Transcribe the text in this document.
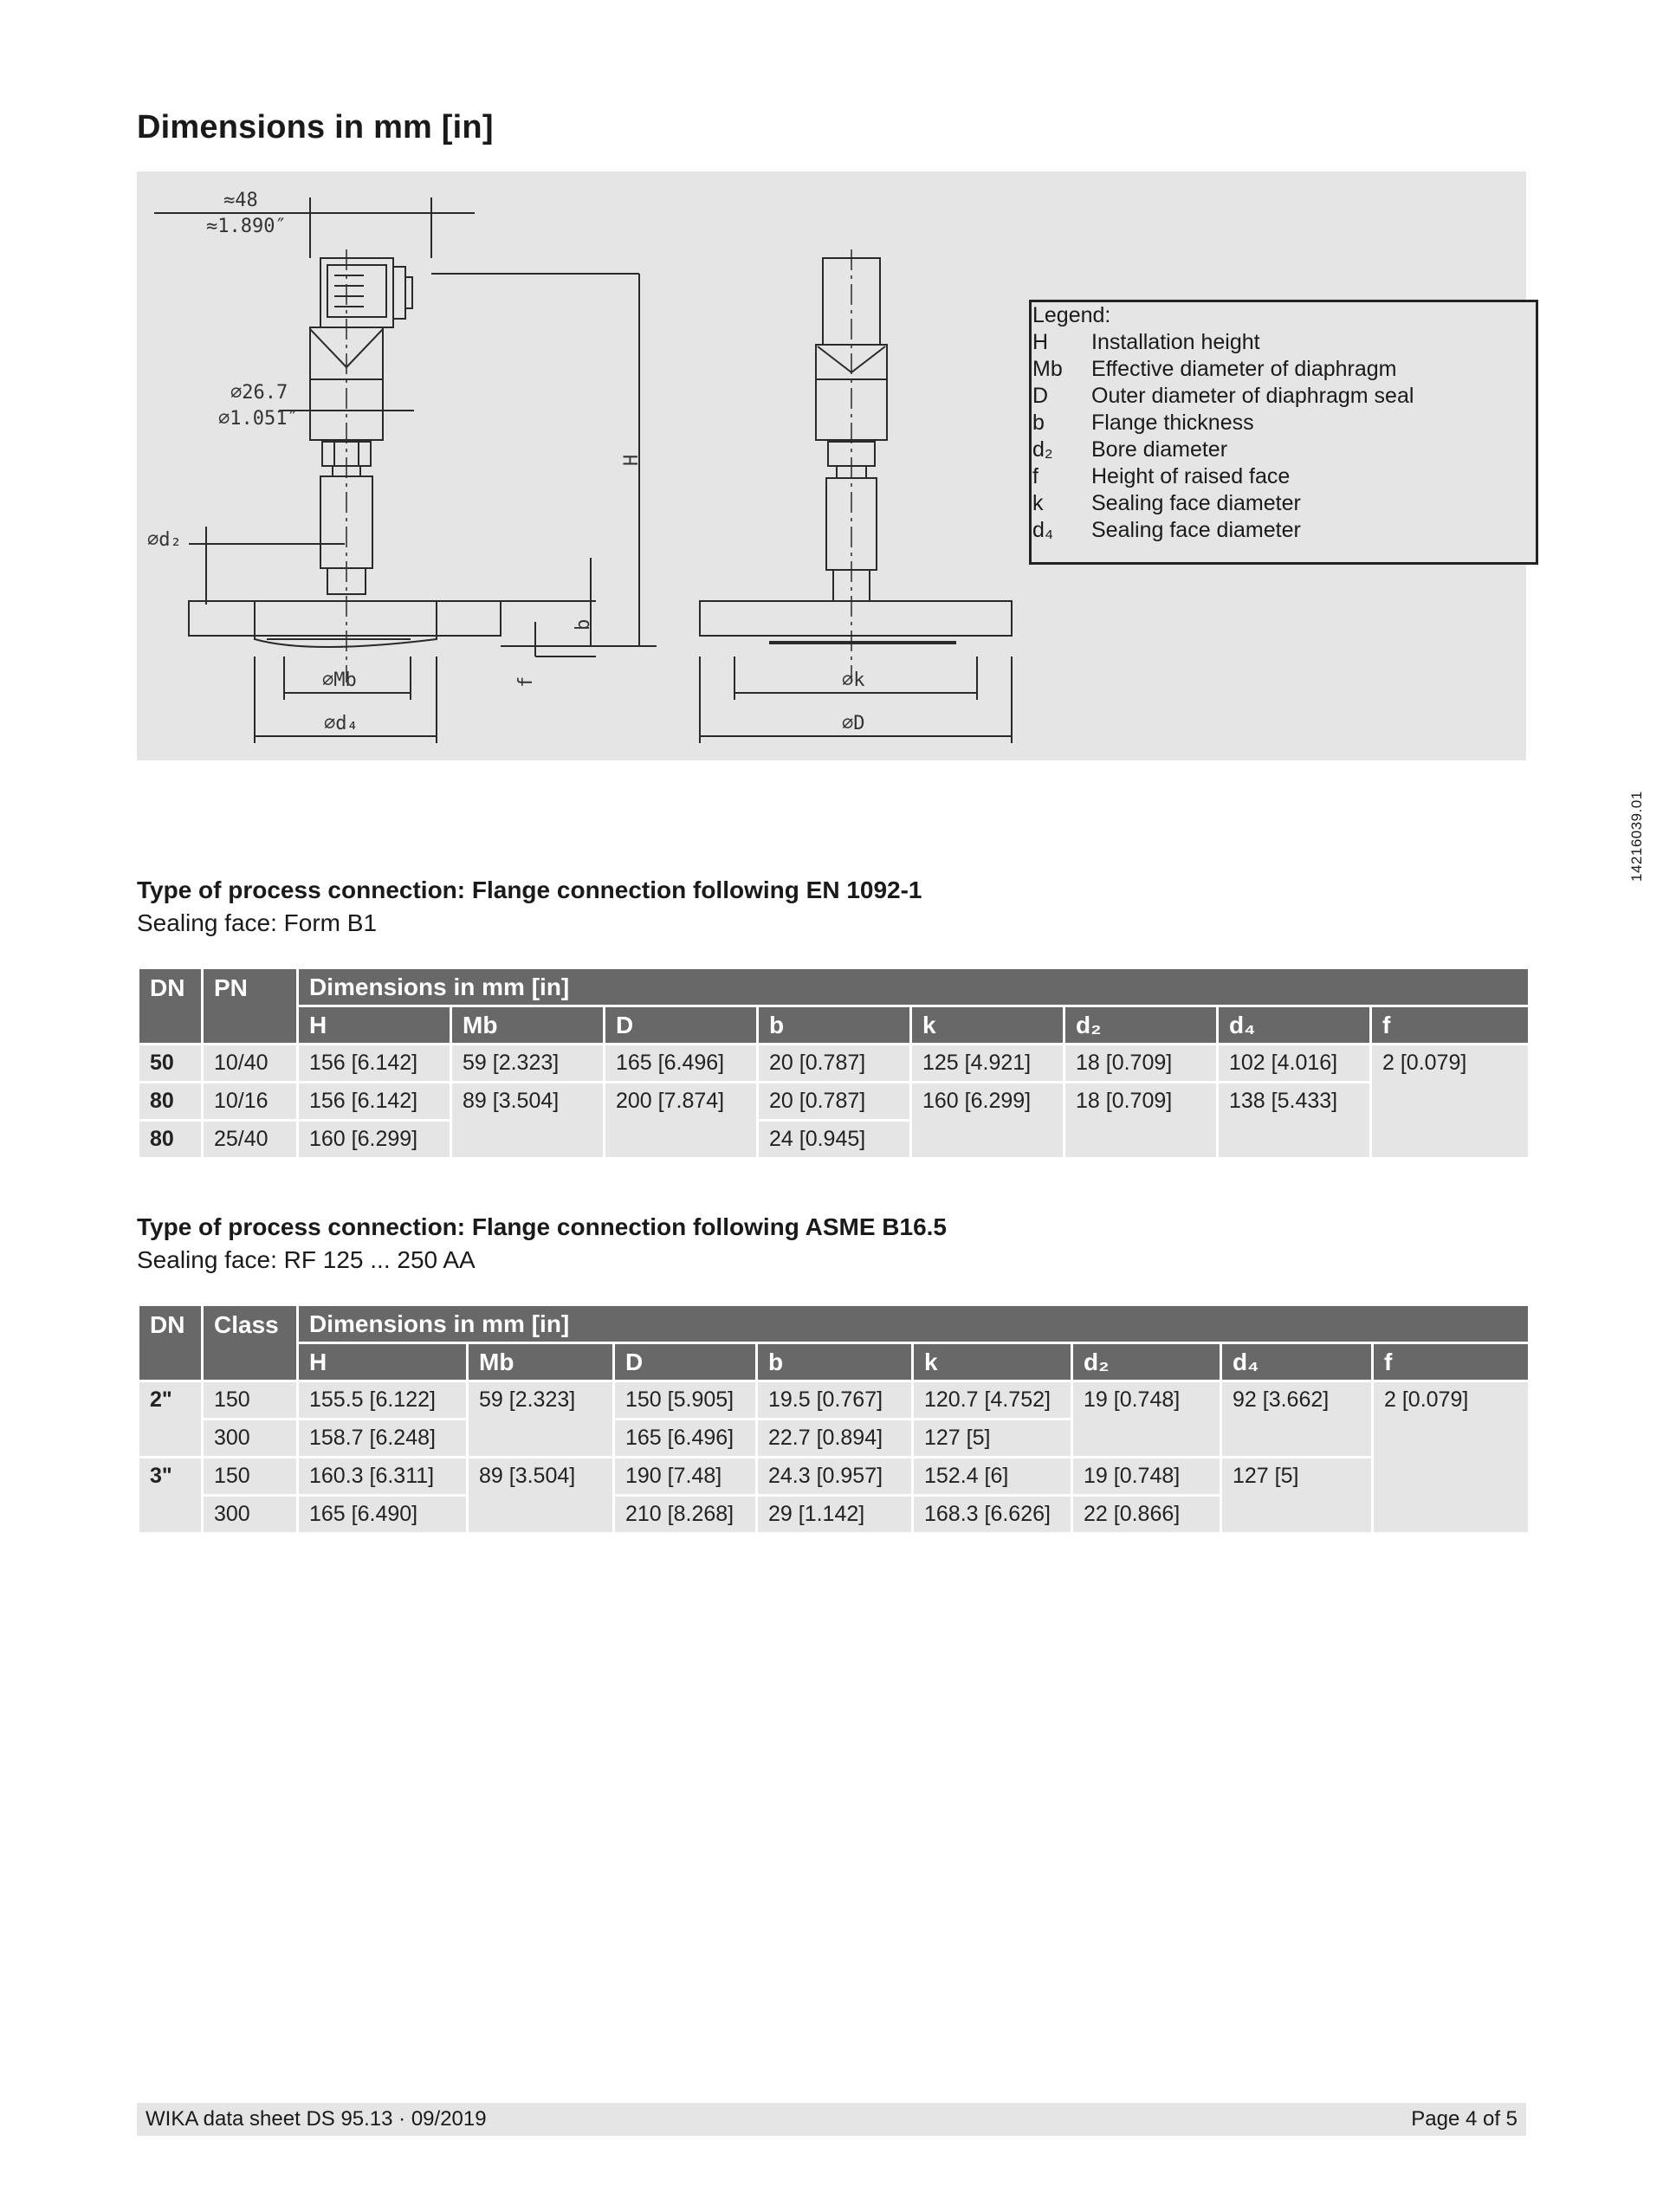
Dimensions in mm [in]
≈48
≈1.890″
⌀26.7
⌀1.051″
⌀d₂
⌀Mb
⌀d₄
H
b
f	⌀k
⌀D
14216039.01
Legend:
H	Installation height
Mb	Effective diameter of diaphragm
D	Outer diameter of diaphragm seal
b	Flange thickness
d₂	Bore diameter
f	Height of raised face
k	Sealing face diameter
d₄	Sealing face diameter
Type of process connection: Flange connection following EN 1092-1

Sealing face: Form B1

DN	PN	Dimensions in mm [in]							
		H	Mb	D	b	k	d₂	d₄	f
50	10/40	156 [6.142]	59 [2.323]	165 [6.496]	20 [0.787]	125 [4.921]	18 [0.709]	102 [4.016]	2 [0.079]
80	10/16	156 [6.142]	89 [3.504]	200 [7.874]	20 [0.787]	160 [6.299]	18 [0.709]	138 [5.433]	
80	25/40	160 [6.299]			24 [0.945]				
Type of process connection: Flange connection following ASME B16.5

Sealing face: RF 125 ... 250 AA

DN	Class	Dimensions in mm [in]							
		H	Mb	D	b	k	d₂	d₄	f
2"	150	155.5 [6.122]	59 [2.323]	150 [5.905]	19.5 [0.767]	120.7 [4.752]	19 [0.748]	92 [3.662]	2 [0.079]
	300	158.7 [6.248]		165 [6.496]	22.7 [0.894]	127 [5]			
3"	150	160.3 [6.311]	89 [3.504]	190 [7.48]	24.3 [0.957]	152.4 [6]	19 [0.748]	127 [5]	
	300	165 [6.490]		210 [8.268]	29 [1.142]	168.3 [6.626]	22 [0.866]		
WIKA data sheet DS 95.13 · 09/2019	Page 4 of 5
